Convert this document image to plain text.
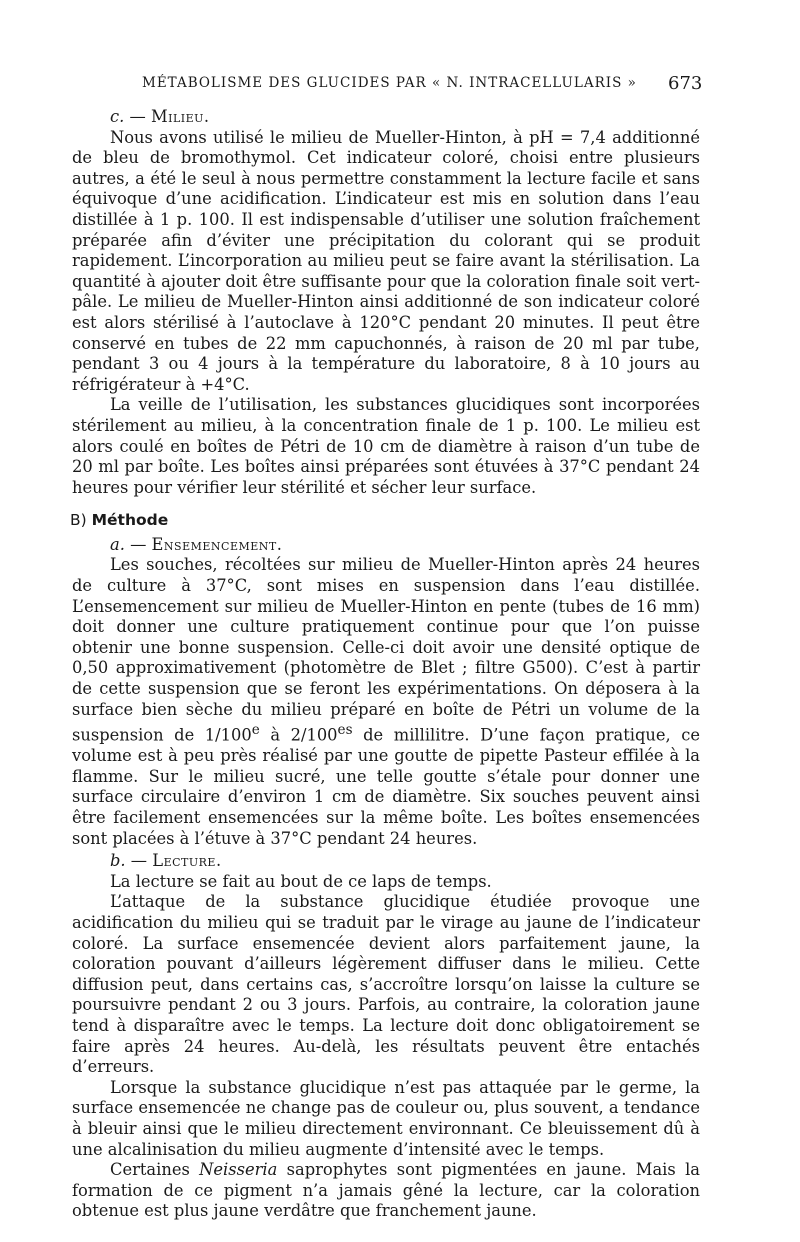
MÉTABOLISME DES GLUCIDES PAR « N. INTRACELLULARIS » 673

c. — Milieu.

Nous avons utilisé le milieu de Mueller-Hinton, à pH = 7,4 additionné de bleu de bromothymol. Cet indicateur coloré, choisi entre plusieurs autres, a été le seul à nous permettre constamment la lecture facile et sans équivoque d’une acidification. L’indicateur est mis en solution dans l’eau distillée à 1 p. 100. Il est indispensable d’utiliser une solution fraîchement préparée afin d’éviter une précipitation du colorant qui se produit rapidement. L’incorporation au milieu peut se faire avant la stérilisation. La quantité à ajouter doit être suffisante pour que la coloration finale soit vert-pâle. Le milieu de Mueller-Hinton ainsi additionné de son indicateur coloré est alors stérilisé à l’autoclave à 120°C pendant 20 minutes. Il peut être conservé en tubes de 22 mm capuchonnés, à raison de 20 ml par tube, pendant 3 ou 4 jours à la température du laboratoire, 8 à 10 jours au réfrigérateur à +4°C.

La veille de l’utilisation, les substances glucidiques sont incorporées stérilement au milieu, à la concentration finale de 1 p. 100. Le milieu est alors coulé en boîtes de Pétri de 10 cm de diamètre à raison d’un tube de 20 ml par boîte. Les boîtes ainsi préparées sont étuvées à 37°C pendant 24 heures pour vérifier leur stérilité et sécher leur surface.

B) Méthode

a. — Ensemencement.

Les souches, récoltées sur milieu de Mueller-Hinton après 24 heures de culture à 37°C, sont mises en suspension dans l’eau distillée. L’ensemencement sur milieu de Mueller-Hinton en pente (tubes de 16 mm) doit donner une culture pratiquement continue pour que l’on puisse obtenir une bonne suspension. Celle-ci doit avoir une densité optique de 0,50 approximativement (photomètre de Blet ; filtre G500). C’est à partir de cette suspension que se feront les expérimentations. On déposera à la surface bien sèche du milieu préparé en boîte de Pétri un volume de la suspension de 1/100e à $2/100^{es}$ de millilitre. D’une façon pratique, ce volume est à peu près réalisé par une goutte de pipette Pasteur effilée à la flamme. Sur le milieu sucré, une telle goutte s’étale pour donner une surface circulaire d’environ 1 cm de diamètre. Six souches peuvent ainsi être facilement ensemencées sur la même boîte. Les boîtes ensemencées sont placées à l’étuve à 37°C pendant 24 heures.

b. — Lecture.

La lecture se fait au bout de ce laps de temps.

L’attaque de la substance glucidique étudiée provoque une acidification du milieu qui se traduit par le virage au jaune de l’indicateur coloré. La surface ensemencée devient alors parfaitement jaune, la coloration pouvant d’ailleurs légèrement diffuser dans le milieu. Cette diffusion peut, dans certains cas, s’accroître lorsqu’on laisse la culture se poursuivre pendant 2 ou 3 jours. Parfois, au contraire, la coloration jaune tend à disparaître avec le temps. La lecture doit donc obligatoirement se faire après 24 heures. Au-delà, les résultats peuvent être entachés d’erreurs.

Lorsque la substance glucidique n’est pas attaquée par le germe, la surface ensemencée ne change pas de couleur ou, plus souvent, a tendance à bleuir ainsi que le milieu directement environnant. Ce bleuissement dû à une alcalinisation du milieu augmente d’intensité avec le temps.

Certaines Neisseria saprophytes sont pigmentées en jaune. Mais la formation de ce pigment n’a jamais gêné la lecture, car la coloration obtenue est plus jaune verdâtre que franchement jaune.
